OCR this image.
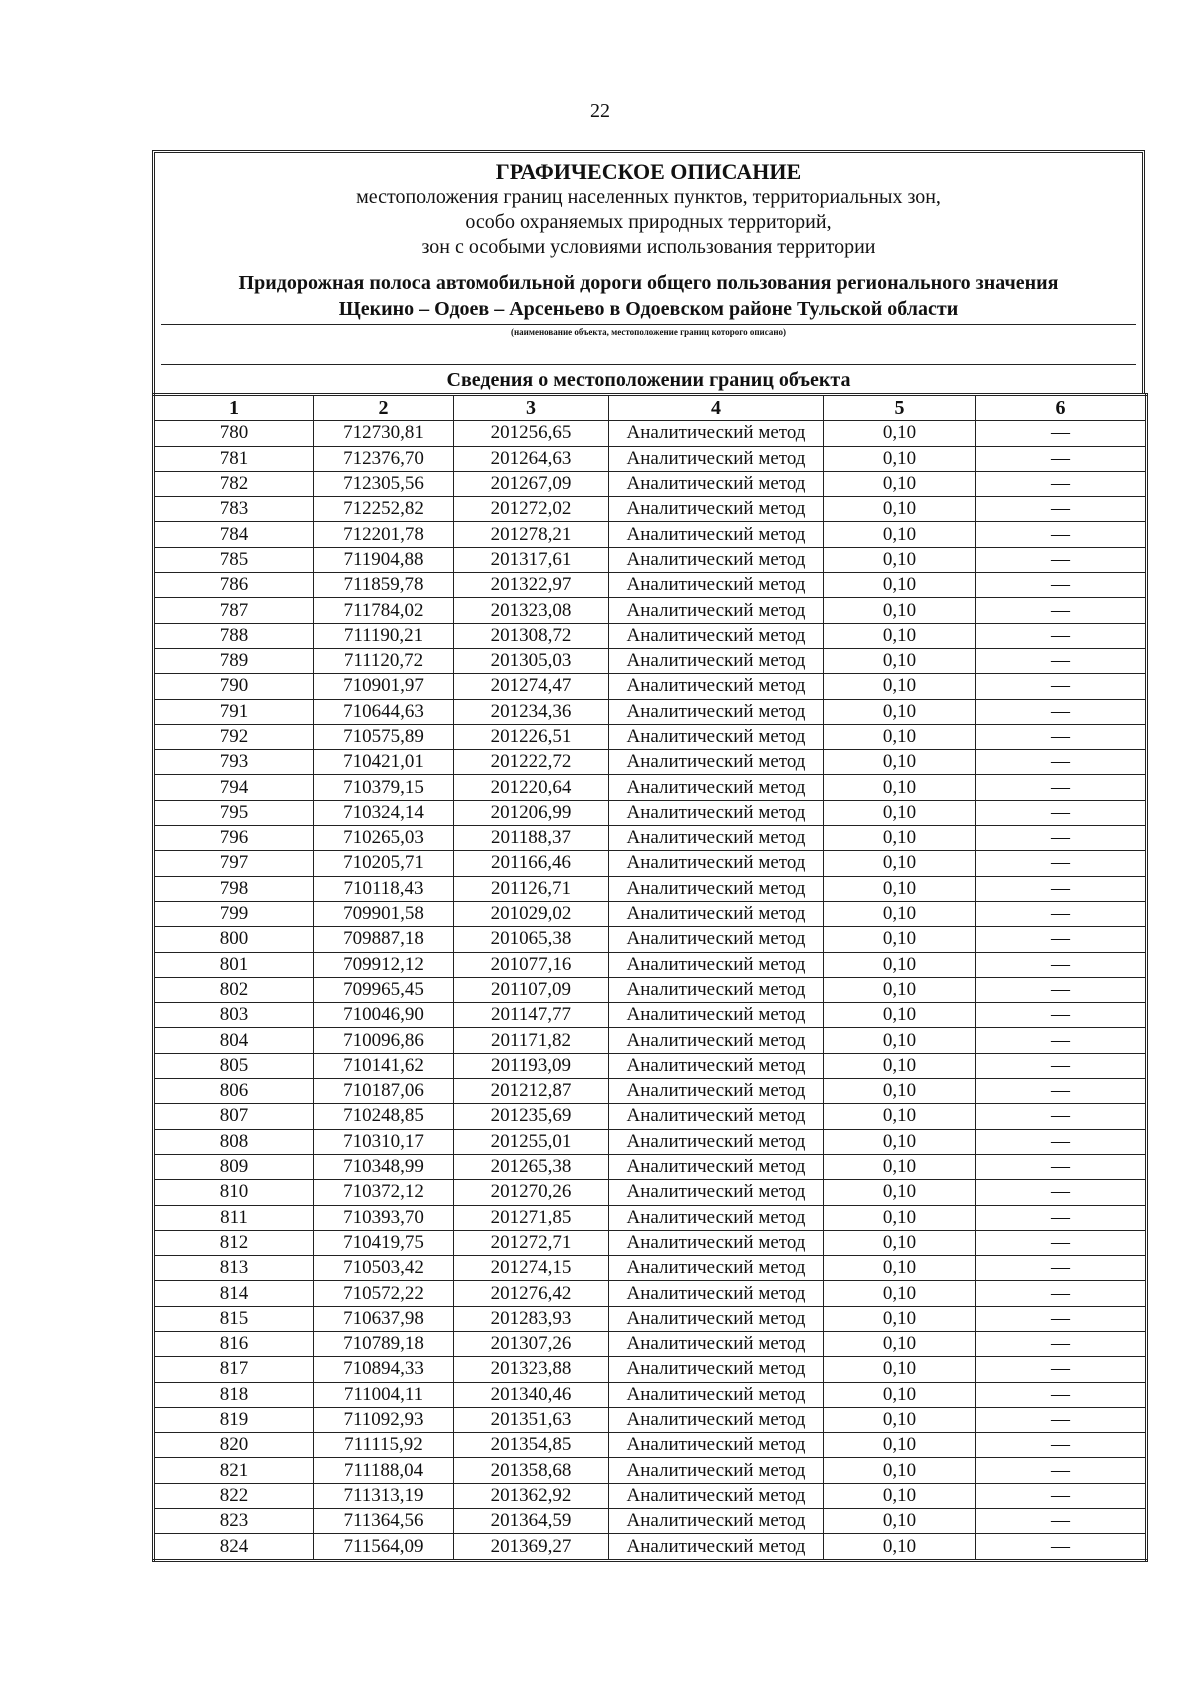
22
ГРАФИЧЕСКОЕ ОПИСАНИЕ
местоположения границ населенных пунктов, территориальных зон,
особо охраняемых природных территорий,
зон с особыми условиями использования территории
Придорожная полоса автомобильной дороги общего пользования регионального значения
Щекино – Одоев – Арсеньево в Одоевском районе Тульской области
(наименование объекта, местоположение границ которого описано)
Сведения о местоположении границ объекта
1	2	3	4	5	6
780	712730,81	201256,65	Аналитический метод	0,10	—
781	712376,70	201264,63	Аналитический метод	0,10	—
782	712305,56	201267,09	Аналитический метод	0,10	—
783	712252,82	201272,02	Аналитический метод	0,10	—
784	712201,78	201278,21	Аналитический метод	0,10	—
785	711904,88	201317,61	Аналитический метод	0,10	—
786	711859,78	201322,97	Аналитический метод	0,10	—
787	711784,02	201323,08	Аналитический метод	0,10	—
788	711190,21	201308,72	Аналитический метод	0,10	—
789	711120,72	201305,03	Аналитический метод	0,10	—
790	710901,97	201274,47	Аналитический метод	0,10	—
791	710644,63	201234,36	Аналитический метод	0,10	—
792	710575,89	201226,51	Аналитический метод	0,10	—
793	710421,01	201222,72	Аналитический метод	0,10	—
794	710379,15	201220,64	Аналитический метод	0,10	—
795	710324,14	201206,99	Аналитический метод	0,10	—
796	710265,03	201188,37	Аналитический метод	0,10	—
797	710205,71	201166,46	Аналитический метод	0,10	—
798	710118,43	201126,71	Аналитический метод	0,10	—
799	709901,58	201029,02	Аналитический метод	0,10	—
800	709887,18	201065,38	Аналитический метод	0,10	—
801	709912,12	201077,16	Аналитический метод	0,10	—
802	709965,45	201107,09	Аналитический метод	0,10	—
803	710046,90	201147,77	Аналитический метод	0,10	—
804	710096,86	201171,82	Аналитический метод	0,10	—
805	710141,62	201193,09	Аналитический метод	0,10	—
806	710187,06	201212,87	Аналитический метод	0,10	—
807	710248,85	201235,69	Аналитический метод	0,10	—
808	710310,17	201255,01	Аналитический метод	0,10	—
809	710348,99	201265,38	Аналитический метод	0,10	—
810	710372,12	201270,26	Аналитический метод	0,10	—
811	710393,70	201271,85	Аналитический метод	0,10	—
812	710419,75	201272,71	Аналитический метод	0,10	—
813	710503,42	201274,15	Аналитический метод	0,10	—
814	710572,22	201276,42	Аналитический метод	0,10	—
815	710637,98	201283,93	Аналитический метод	0,10	—
816	710789,18	201307,26	Аналитический метод	0,10	—
817	710894,33	201323,88	Аналитический метод	0,10	—
818	711004,11	201340,46	Аналитический метод	0,10	—
819	711092,93	201351,63	Аналитический метод	0,10	—
820	711115,92	201354,85	Аналитический метод	0,10	—
821	711188,04	201358,68	Аналитический метод	0,10	—
822	711313,19	201362,92	Аналитический метод	0,10	—
823	711364,56	201364,59	Аналитический метод	0,10	—
824	711564,09	201369,27	Аналитический метод	0,10	—
